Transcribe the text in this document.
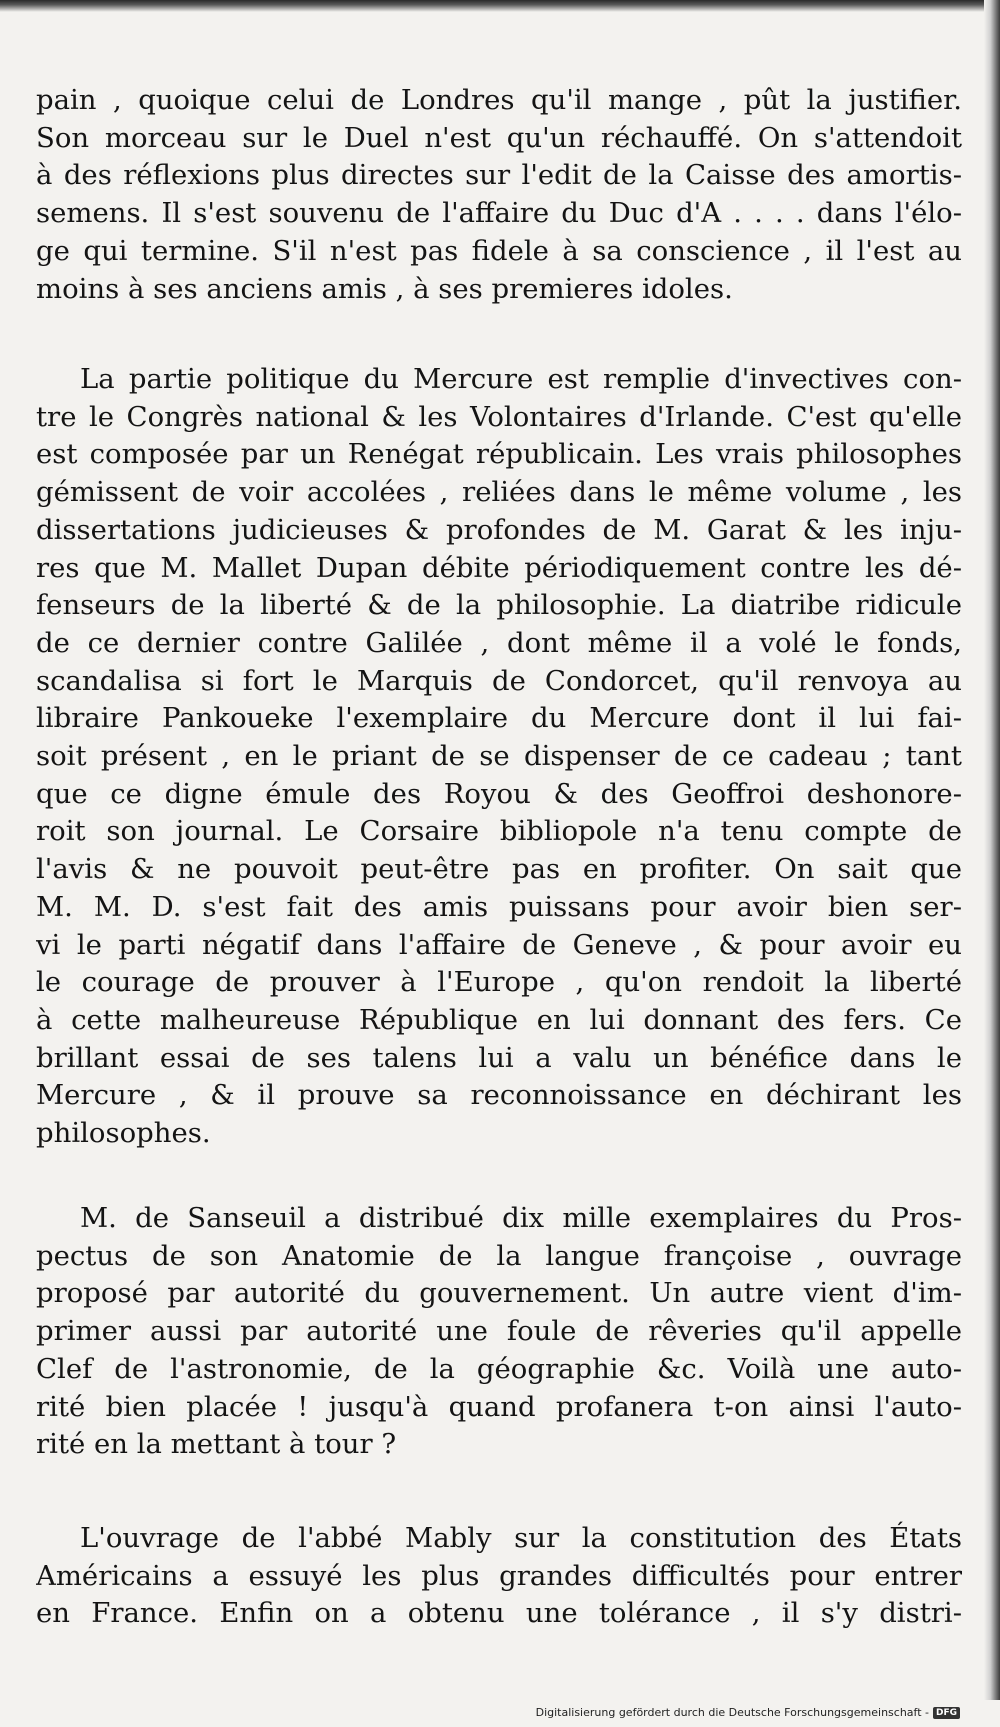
pain , quoique celui de Londres qu'il mange , pût la justifier.
Son morceau sur le Duel n'est qu'un réchauffé. On s'attendoit
à des réflexions plus directes sur l'edit de la Caisse des amortis-
semens. Il s'est souvenu de l'affaire du Duc d'A . . . . dans l'élo-
ge qui termine. S'il n'est pas fidele à sa conscience , il l'est au
moins à ses anciens amis , à ses premieres idoles.
La partie politique du Mercure est remplie d'invectives con-
tre le Congrès national & les Volontaires d'Irlande. C'est qu'elle
est composée par un Renégat républicain. Les vrais philosophes
gémissent de voir accolées , reliées dans le même volume , les
dissertations judicieuses & profondes de M. Garat & les inju-
res que M. Mallet Dupan débite périodiquement contre les dé-
fenseurs de la liberté & de la philosophie. La diatribe ridicule
de ce dernier contre Galilée , dont même il a volé le fonds,
scandalisa si fort le Marquis de Condorcet, qu'il renvoya au
libraire Pankoueke l'exemplaire du Mercure dont il lui fai-
soit présent , en le priant de se dispenser de ce cadeau ; tant
que ce digne émule des Royou & des Geoffroi deshonore-
roit son journal. Le Corsaire bibliopole n'a tenu compte de
l'avis & ne pouvoit peut-être pas en profiter. On sait que
M. M. D. s'est fait des amis puissans pour avoir bien ser-
vi le parti négatif dans l'affaire de Geneve , & pour avoir eu
le courage de prouver à l'Europe , qu'on rendoit la liberté
à cette malheureuse République en lui donnant des fers. Ce
brillant essai de ses talens lui a valu un bénéfice dans le
Mercure , & il prouve sa reconnoissance en déchirant les
philosophes.
M. de Sanseuil a distribué dix mille exemplaires du Pros-
pectus de son Anatomie de la langue françoise , ouvrage
proposé par autorité du gouvernement. Un autre vient d'im-
primer aussi par autorité une foule de rêveries qu'il appelle
Clef de l'astronomie, de la géographie &c. Voilà une auto-
rité bien placée ! jusqu'à quand profanera t-on ainsi l'auto-
rité en la mettant à tour ?
L'ouvrage de l'abbé Mably sur la constitution des États
Américains a essuyé les plus grandes difficultés pour entrer
en France. Enfin on a obtenu une tolérance , il s'y distri-
Digitalisierung gefördert durch die Deutsche Forschungsgemeinschaft - DFG
